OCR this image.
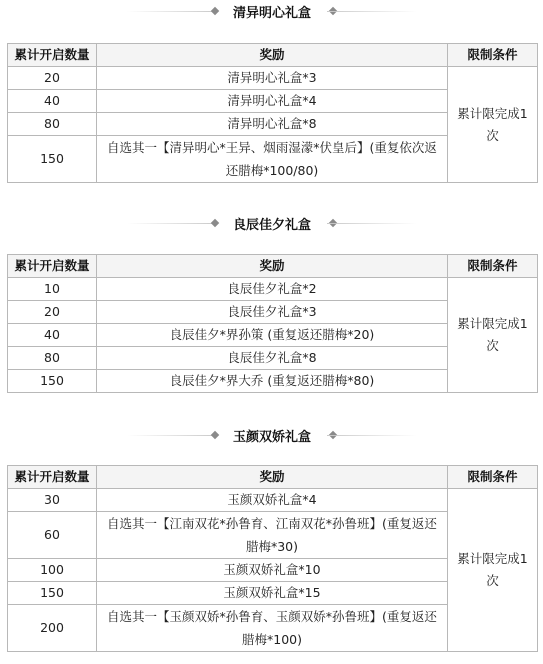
清异明心礼盒
累计开启数量	奖励	限制条件
20	清异明心礼盒*3	累计限完成1次
40	清异明心礼盒*4	
80	清异明心礼盒*8	
150	自选其一【清异明心*王异、烟雨湿濛*伏皇后】(重复依次返还腊梅*100/80)	
良辰佳夕礼盒
累计开启数量	奖励	限制条件
10	良辰佳夕礼盒*2	累计限完成1次
20	良辰佳夕礼盒*3	
40	良辰佳夕*界孙策 (重复返还腊梅*20)	
80	良辰佳夕礼盒*8	
150	良辰佳夕*界大乔 (重复返还腊梅*80)	
玉颜双娇礼盒
累计开启数量	奖励	限制条件
30	玉颜双娇礼盒*4	累计限完成1次
60	自选其一【江南双花*孙鲁育、江南双花*孙鲁班】(重复返还腊梅*30)	
100	玉颜双娇礼盒*10	
150	玉颜双娇礼盒*15	
200	自选其一【玉颜双娇*孙鲁育、玉颜双娇*孙鲁班】(重复返还腊梅*100)	
